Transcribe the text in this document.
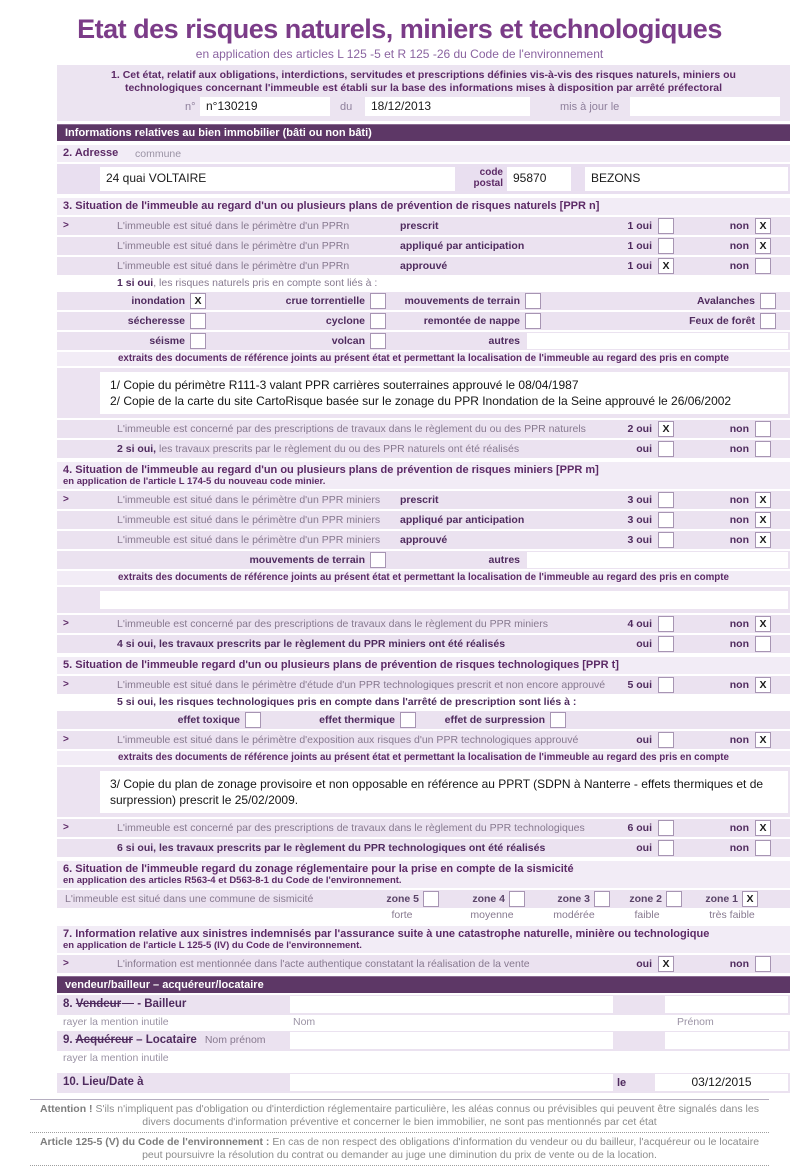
Etat des risques naturels, miniers et technologiques
en application des articles L 125 -5 et R 125 -26 du Code de l'environnement
1. Cet état, relatif aux obligations, interdictions, servitudes et prescriptions définies vis-à-vis des risques naturels, miniers ou technologiques concernant l'immeuble est établi sur la base des informations mises à disposition par arrêté préfectoral
n° n°130219	du	18/12/2013	mis à jour le
Informations relatives au bien immobilier (bâti ou non bâti)
2. Adresse commune
24 quai VOLTAIRE	code
postal 95870	BEZONS
3. Situation de l'immeuble au regard d'un ou plusieurs plans de prévention de risques naturels [PPR n]
>	L'immeuble est situé dans le périmètre d'un PPRn	prescrit	1 oui	non X
L'immeuble est situé dans le périmètre d'un PPRn	appliqué par anticipation	1 oui	non X
L'immeuble est situé dans le périmètre d'un PPRn	approuvé	1 oui X	non
1 si oui, les risques naturels pris en compte sont liés à :
inondation X	crue torrentielle	mouvements de terrain	Avalanches
sécheresse	cyclone	remontée de nappe	Feux de forêt
séisme	volcan	autres
extraits des documents de référence joints au présent état et permettant la localisation de l'immeuble au regard des pris en compte
1/ Copie du périmètre R111-3 valant PPR carrières souterraines approuvé le 08/04/1987
2/ Copie de la carte du site CartoRisque basée sur le zonage du PPR Inondation de la Seine approuvé le 26/06/2002
L'immeuble est concerné par des prescriptions de travaux dans le règlement du ou des PPR naturels	2 oui X	non
2 si oui, les travaux prescrits par le règlement du ou des PPR naturels ont été réalisés	oui	non
4. Situation de l'immeuble au regard d'un ou plusieurs plans de prévention de risques miniers [PPR m]
en application de l'article L 174-5 du nouveau code minier.
>	L'immeuble est situé dans le périmètre d'un PPR miniers prescrit	3 oui	non X
L'immeuble est situé dans le périmètre d'un PPR miniers appliqué par anticipation	3 oui	non X
L'immeuble est situé dans le périmètre d'un PPR miniers approuvé	3 oui	non X
mouvements de terrain	autres
extraits des documents de référence joints au présent état et permettant la localisation de l'immeuble au regard des pris en compte
>	L'immeuble est concerné par des prescriptions de travaux dans le règlement du PPR miniers	4 oui	non X
4 si oui, les travaux prescrits par le règlement du PPR miniers ont été réalisés	oui	non
5. Situation de l'immeuble regard d'un ou plusieurs plans de prévention de risques technologiques [PPR t]
>	L'immeuble est situé dans le périmètre d'étude d'un PPR technologiques prescrit et non encore approuvé	5 oui	non X
5 si oui, les risques technologiques pris en compte dans l'arrêté de prescription sont liés à :
effet toxique	effet thermique	effet de surpression
>	L'immeuble est situé dans le périmètre d'exposition aux risques d'un PPR technologiques approuvé	oui	non X
extraits des documents de référence joints au présent état et permettant la localisation de l'immeuble au regard des pris en compte
3/ Copie du plan de zonage provisoire et non opposable en référence au PPRT (SDPN à Nanterre - effets thermiques et de surpression) prescrit le 25/02/2009.
>	L'immeuble est concerné par des prescriptions de travaux dans le règlement du PPR technologiques	6 oui	non X
6 si oui, les travaux prescrits par le règlement du PPR technologiques ont été réalisés	oui	non
6. Situation de l'immeuble regard du zonage réglementaire pour la prise en compte de la sismicité
en application des articles R563-4 et D563-8-1 du Code de l'environnement.
L'immeuble est situé dans une commune de sismicité	zone 5	zone 4	zone 3	zone 2	zone 1 X
forte	moyenne	modérée	faible	très faible
7. Information relative aux sinistres indemnisés par l'assurance suite à une catastrophe naturelle, minière ou technologique
en application de l'article L 125-5 (IV) du Code de l'environnement.
>	L'information est mentionnée dans l'acte authentique constatant la réalisation de la vente	oui X	non
vendeur/bailleur – acquéreur/locataire
8. Vendeur - Bailleur
rayer la mention inutile	Nom	Prénom
9. Acquéreur – Locataire Nom prénom
rayer la mention inutile
10. Lieu/Date à	le	03/12/2015

Attention ! S'ils n'impliquent pas d'obligation ou d'interdiction réglementaire particulière, les aléas connus ou prévisibles qui peuvent être signalés dans les divers documents d'information préventive et concerner le bien immobilier, ne sont pas mentionnés par cet état

Article 125-5 (V) du Code de l'environnement : En cas de non respect des obligations d'information du vendeur ou du bailleur, l'acquéreur ou le locataire peut poursuivre la résolution du contrat ou demander au juge une diminution du prix de vente ou de la location.
